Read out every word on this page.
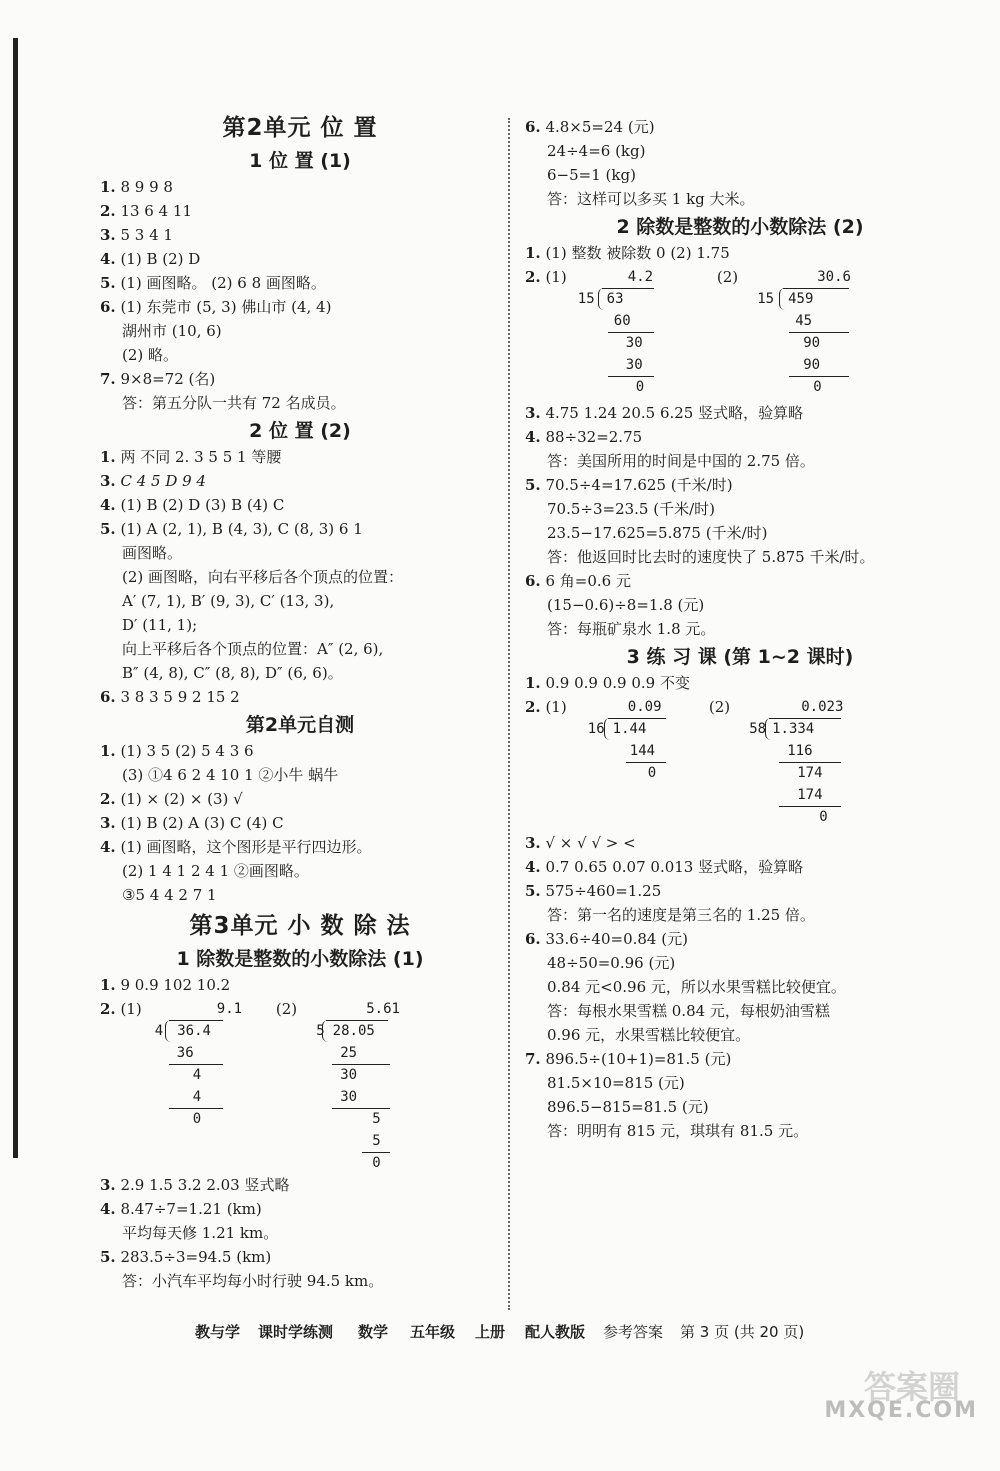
第2单元 位 置
1 位 置 (1)
1. 8 9 9 8
2. 13 6 4 11
3. 5 3 4 1
4. (1) B (2) D
5. (1) 画图略。 (2) 6 8 画图略。
6. (1) 东莞市 (5, 3) 佛山市 (4, 4)
湖州市 (10, 6)
(2) 略。
7. 9×8=72 (名)
答：第五分队一共有 72 名成员。
2 位 置 (2)
1. 两 不同 2. 3 5 5 1 等腰
3. C 4 5 D 9 4
4. (1) B (2) D (3) B (4) C
5. (1) A (2, 1), B (4, 3), C (8, 3) 6 1
画图略。
(2) 画图略，向右平移后各个顶点的位置：
A′ (7, 1), B′ (9, 3), C′ (13, 3),
D′ (11, 1);
向上平移后各个顶点的位置：A″ (2, 6),
B″ (4, 8), C″ (8, 8), D″ (6, 6)。
6. 3 8 3 5 9 2 15 2
第2单元自测
1. (1) 3 5 (2) 5 4 3 6
(3) ①4 6 2 4 10 1 ②小牛 蜗牛
2. (1) × (2) × (3) √
3. (1) B (2) A (3) C (4) C
4. (1) 画图略，这个图形是平行四边形。
(2) 1 4 1 2 4 1 ②画图略。
③5 4 4 2 7 1
第3单元 小 数 除 法
1 除数是整数的小数除法 (1)
1. 9 0.9 102 10.2
2. (1)	9.1
4 36.4
36
4
4
0
(2)	5.61
5 28.05
25
30
30
5
5
0
3. 2.9 1.5 3.2 2.03 竖式略
4. 8.47÷7=1.21 (km)
平均每天修 1.21 km。
5. 283.5÷3=94.5 (km)
答：小汽车平均每小时行驶 94.5 km。
6. 4.8×5=24 (元)
24÷4=6 (kg)
6−5=1 (kg)
答：这样可以多买 1 kg 大米。
2 除数是整数的小数除法 (2)
1. (1) 整数 被除数 0 (2) 1.75
2. (1)	4.2
15 63
60
30
30
0
(2)	30.6
15 459
45
90
90
0
3. 4.75 1.24 20.5 6.25 竖式略，验算略
4. 88÷32=2.75
答：美国所用的时间是中国的 2.75 倍。
5. 70.5÷4=17.625 (千米/时)
70.5÷3=23.5 (千米/时)
23.5−17.625=5.875 (千米/时)
答：他返回时比去时的速度快了 5.875 千米/时。
6. 6 角=0.6 元
(15−0.6)÷8=1.8 (元)
答：每瓶矿泉水 1.8 元。
3 练 习 课 (第 1~2 课时)
1. 0.9 0.9 0.9 0.9 不变
2. (1)	0.09
16 1.44
144
0
(2)	0.023
58 1.334
116
174
174
0
3. √ × √ √ > <
4. 0.7 0.65 0.07 0.013 竖式略，验算略
5. 575÷460=1.25
答：第一名的速度是第三名的 1.25 倍。
6. 33.6÷40=0.84 (元)
48÷50=0.96 (元)
0.84 元<0.96 元，所以水果雪糕比较便宜。
答：每根水果雪糕 0.84 元，每根奶油雪糕
0.96 元，水果雪糕比较便宜。
7. 896.5÷(10+1)=81.5 (元)
81.5×10=815 (元)
896.5−815=81.5 (元)
答：明明有 815 元，琪琪有 81.5 元。
教与学 课时学练测 数学 五年级 上册 配人教版 参考答案 第 3 页 (共 20 页)
答案圈
MXQE.COM
